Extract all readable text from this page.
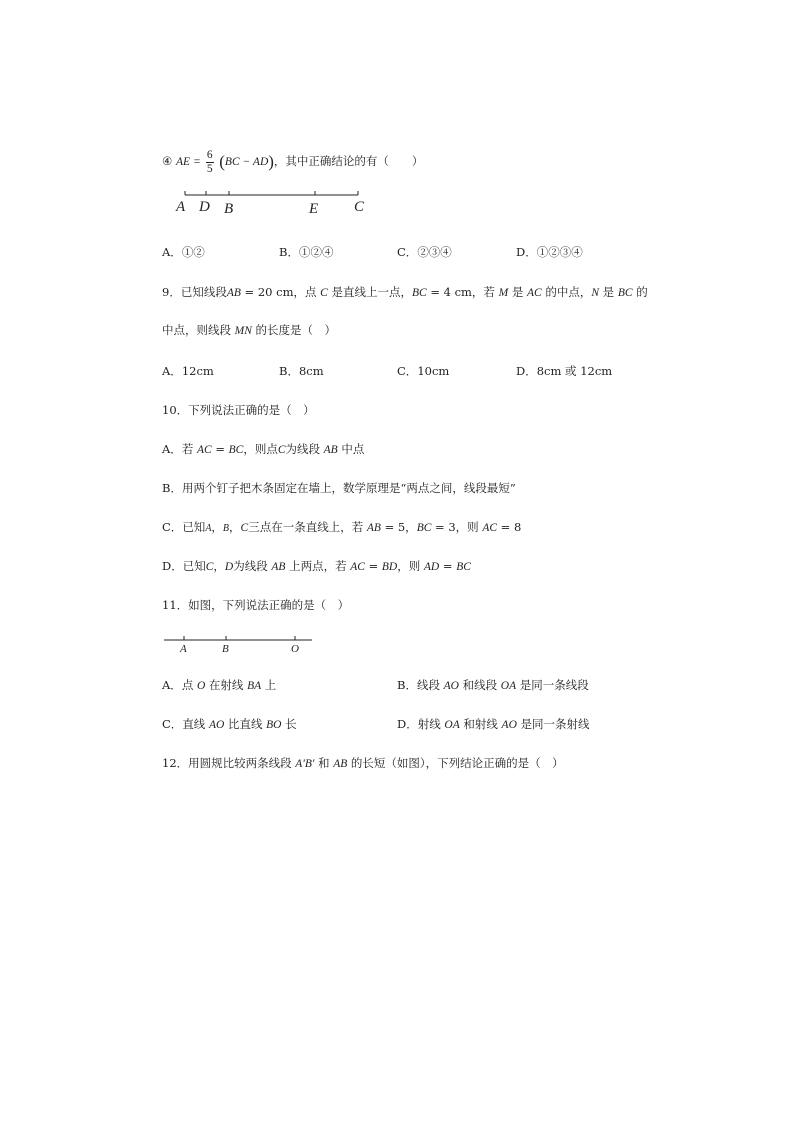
④ AE = $\frac{6}{5} (BC - AD)$，其中正确结论的有（　　）
A D B	E C
A．①②	B．①②④	C．②③④	D．①②③④
9．已知线段AB = 20 cm，点 C 是直线上一点，BC = 4 cm，若 M 是 AC 的中点，N 是 BC 的
中点，则线段 MN 的长度是（　）
A．12cm	B．8cm	C．10cm	D．8cm 或 12cm
10．下列说法正确的是（　）
A．若 AC = BC，则点C为线段 AB 中点
B．用两个钉子把木条固定在墙上，数学原理是“两点之间，线段最短”
C．已知A，B，C三点在一条直线上，若 AB = 5，BC = 3，则 AC = 8
D．已知C，D为线段 AB 上两点，若 AC = BD，则 AD = BC
11．如图，下列说法正确的是（　）
A	B	O
A．点 O 在射线 BA 上	B．线段 AO 和线段 OA 是同一条线段
C．直线 AO 比直线 BO 长	D．射线 OA 和射线 AO 是同一条射线
12．用圆规比较两条线段 A′B′ 和 AB 的长短（如图），下列结论正确的是（　）
